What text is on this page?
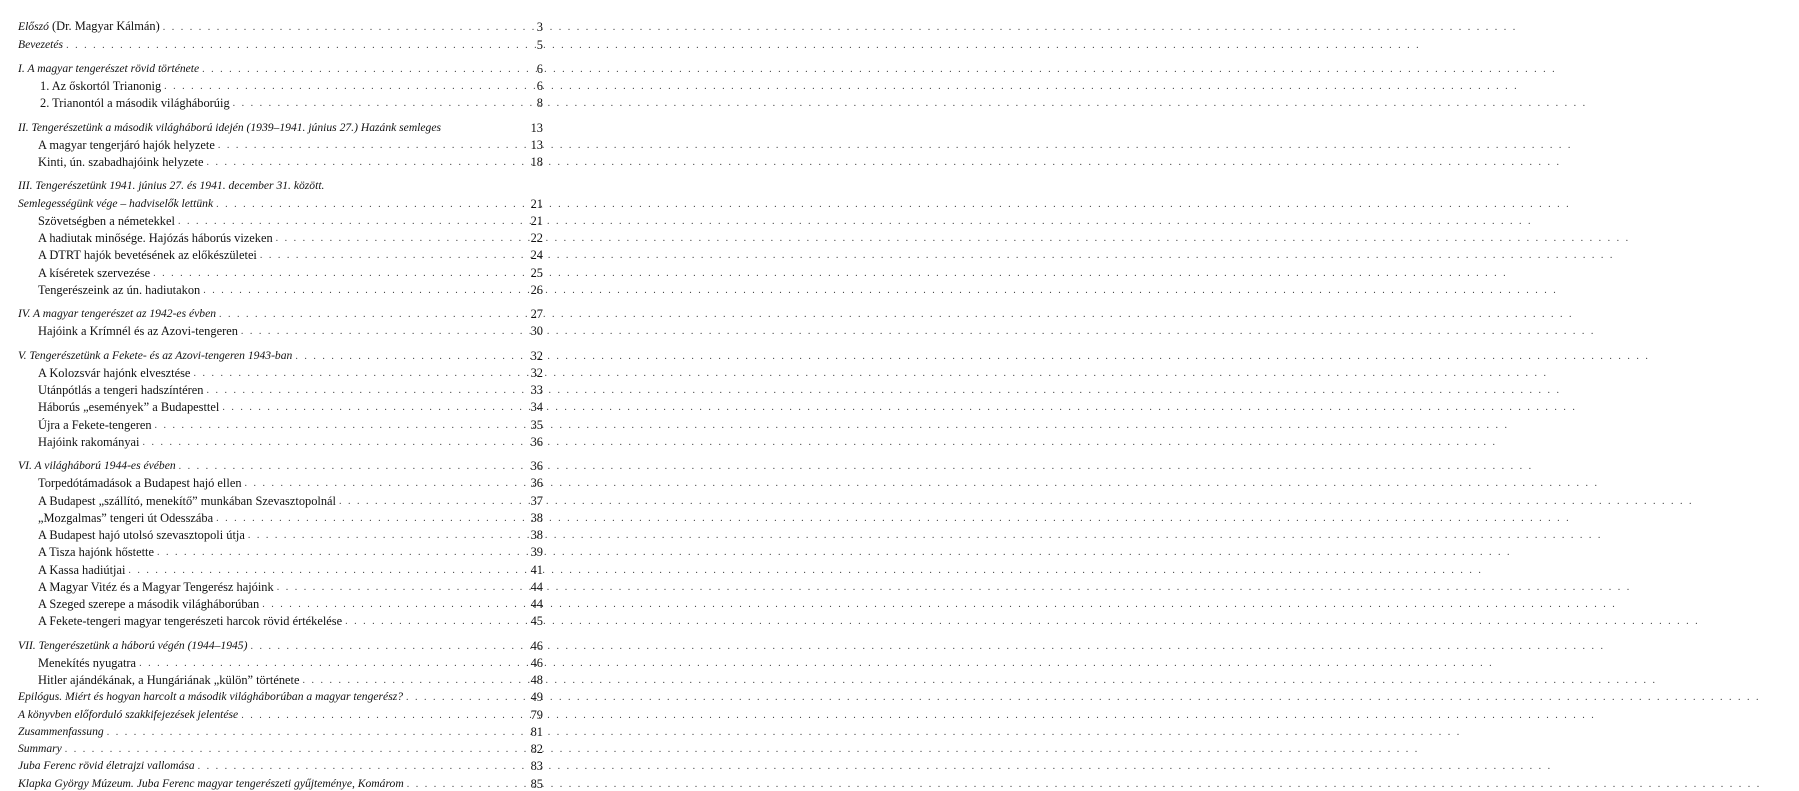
Előszó (Dr. Magyar Kálmán) . . .	3
Bevezetés . . .	5
I. A magyar tengerészet rövid története . . .	6
1. Az őskortól Trianonig . . .	6
2. Trianontól a második világháborúig . . .	8
II. Tengerészetünk a második világháború idején (1939–1941. június 27.) Hazánk semleges	13
A magyar tengerjáró hajók helyzete . . .	13
Kinti, ún. szabadhajóink helyzete . . .	18
III. Tengerészetünk 1941. június 27. és 1941. december 31. között.
Semlegességünk vége – hadviselők lettünk . . .	21
Szövetségben a németekkel . . .	21
A hadiutak minősége. Hajózás háborús vizeken . . .	22
A DTRT hajók bevetésének az előkészületei . . .	24
A kíséretek szervezése . . .	25
Tengerészeink az ún. hadiutakon . . .	26
IV. A magyar tengerészet az 1942-es évben . . .	27
Hajóink a Krímnél és az Azovi-tengeren . . .	30
V. Tengerészetünk a Fekete- és az Azovi-tengeren 1943-ban . . .	32
A Kolozsvár hajónk elvesztése . . .	32
Utánpótlás a tengeri hadszíntéren . . .	33
Háborús „események” a Budapesttel . . .	34
Újra a Fekete-tengeren . . .	35
Hajóink rakományai . . .	36
VI. A világháború 1944-es évében . . .	36
Torpedótámadások a Budapest hajó ellen . . .	36
A Budapest „szállító, menekítő” munkában Szevasztopolnál . . .	37
„Mozgalmas” tengeri út Odesszába . . .	38
A Budapest hajó utolsó szevasztopoli útja . . .	38
A Tisza hajónk hőstette . . .	39
A Kassa hadiútjai . . .	41
A Magyar Vitéz és a Magyar Tengerész hajóink . . .	44
A Szeged szerepe a második világháborúban . . .	44
A Fekete-tengeri magyar tengerészeti harcok rövid értékelése . . .	45
VII. Tengerészetünk a háború végén (1944–1945) . . .	46
Menekítés nyugatra . . .	46
Hitler ajándékának, a Hungáriának „külön” története . . .	48
Epilógus. Miért és hogyan harcolt a második világháborúban a magyar tengerész? . . .	49
A könyvben előforduló szakkifejezések jelentése . . .	79
Zusammenfassung . . .	81
Summary . . .	82
Juba Ferenc rövid életrajzi vallomása . . .	83
Klapka György Múzeum. Juba Ferenc magyar tengerészeti gyűjteménye, Komárom . . .	85
